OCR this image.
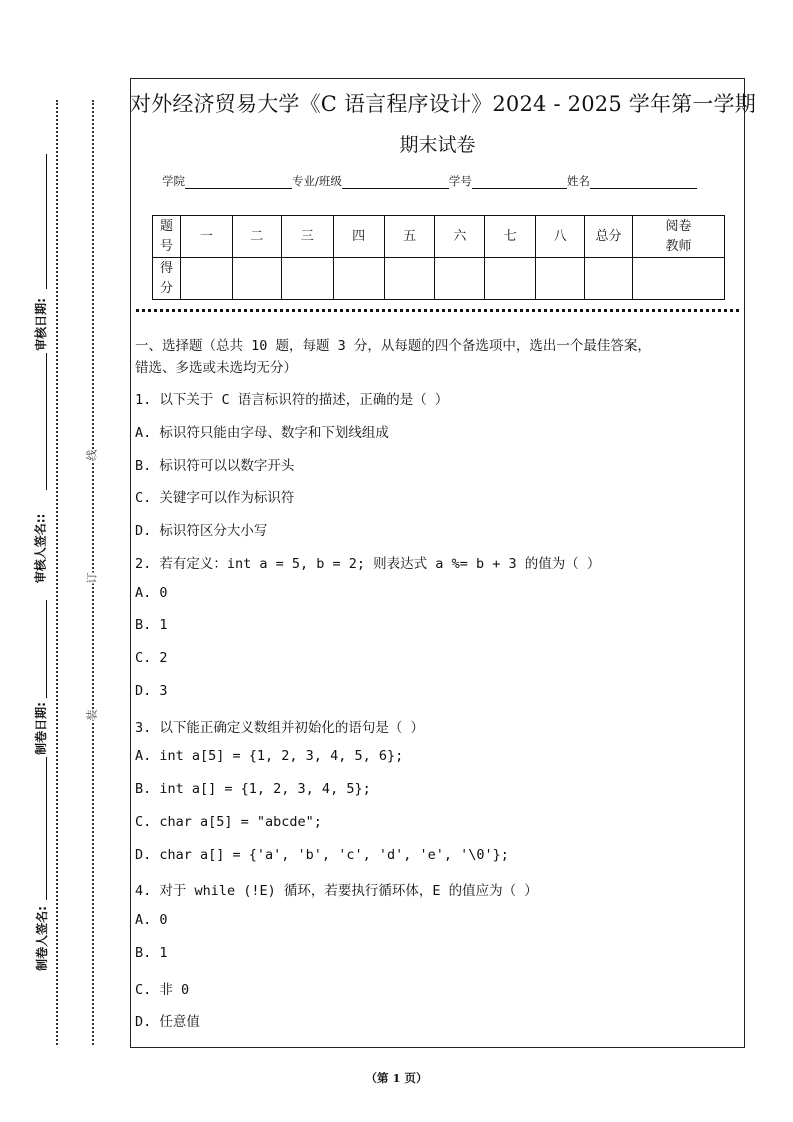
线
订
装
审核日期:
审核人签名::
制卷日期:
制卷人签名:
对外经济贸易大学《C 语言程序设计》2024 - 2025 学年第一学期
期末试卷
学院	专业/班级	学号	姓名
题号	一	二	三	四	五	六	七	八	总分	阅卷教师
得分										
一、选择题（总共 10 题，每题 3 分，从每题的四个备选项中，选出一个最佳答案，
错选、多选或未选均无分）
1. 以下关于 C 语言标识符的描述，正确的是（ ）
A. 标识符只能由字母、数字和下划线组成
B. 标识符可以以数字开头
C. 关键字可以作为标识符
D. 标识符区分大小写
2. 若有定义：int a = 5, b = 2; 则表达式 a %= b + 3 的值为（ ）
A. 0
B. 1
C. 2
D. 3
3. 以下能正确定义数组并初始化的语句是（ ）
A. int a[5] = {1, 2, 3, 4, 5, 6};
B. int a[] = {1, 2, 3, 4, 5};
C. char a[5] = "abcde";
D. char a[] = {'a', 'b', 'c', 'd', 'e', '\0'};
4. 对于 while (!E) 循环，若要执行循环体，E 的值应为（ ）
A. 0
B. 1
C. 非 0
D. 任意值
（第 1 页）
